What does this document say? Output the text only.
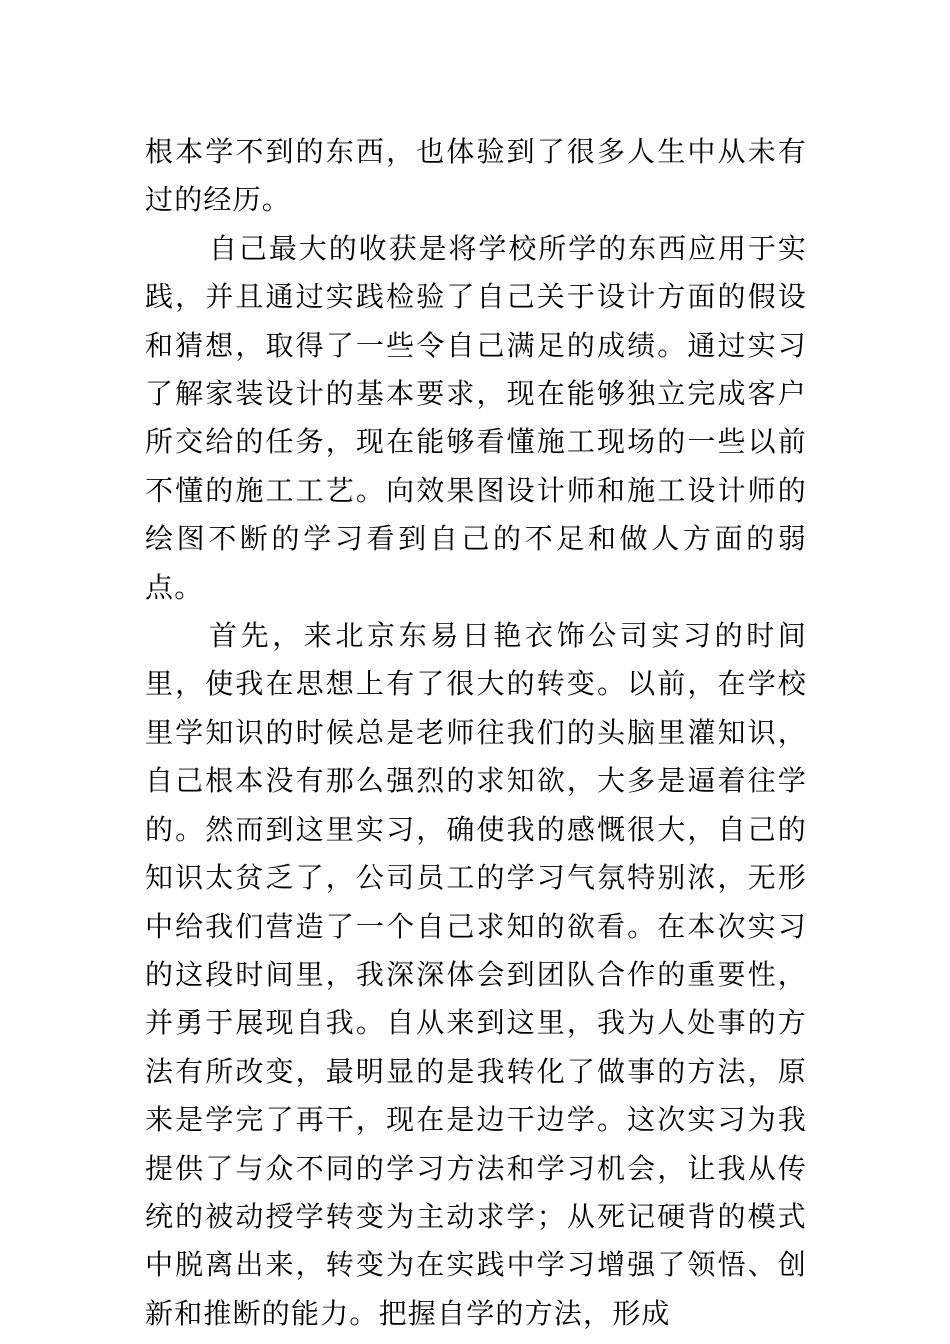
根本学不到的东西，也体验到了很多人生中从未有过的经历。

自己最大的收获是将学校所学的东西应用于实践，并且通过实践检验了自己关于设计方面的假设和猜想，取得了一些令自己满足的成绩。通过实习了解家装设计的基本要求，现在能够独立完成客户所交给的任务，现在能够看懂施工现场的一些以前不懂的施工工艺。向效果图设计师和施工设计师的绘图不断的学习看到自己的不足和做人方面的弱点。

首先，来北京东易日艳衣饰公司实习的时间里，使我在思想上有了很大的转变。以前，在学校里学知识的时候总是老师往我们的头脑里灌知识，自己根本没有那么强烈的求知欲，大多是逼着往学的。然而到这里实习，确使我的感慨很大，自己的知识太贫乏了，公司员工的学习气氛特别浓，无形中给我们营造了一个自己求知的欲看。在本次实习的这段时间里，我深深体会到团队合作的重要性，并勇于展现自我。自从来到这里，我为人处事的方法有所改变，最明显的是我转化了做事的方法，原来是学完了再干，现在是边干边学。这次实习为我提供了与众不同的学习方法和学习机会，让我从传统的被动授学转变为主动求学；从死记硬背的模式中脱离出来，转变为在实践中学习增强了领悟、创新和推断的能力。把握自学的方法，形成
